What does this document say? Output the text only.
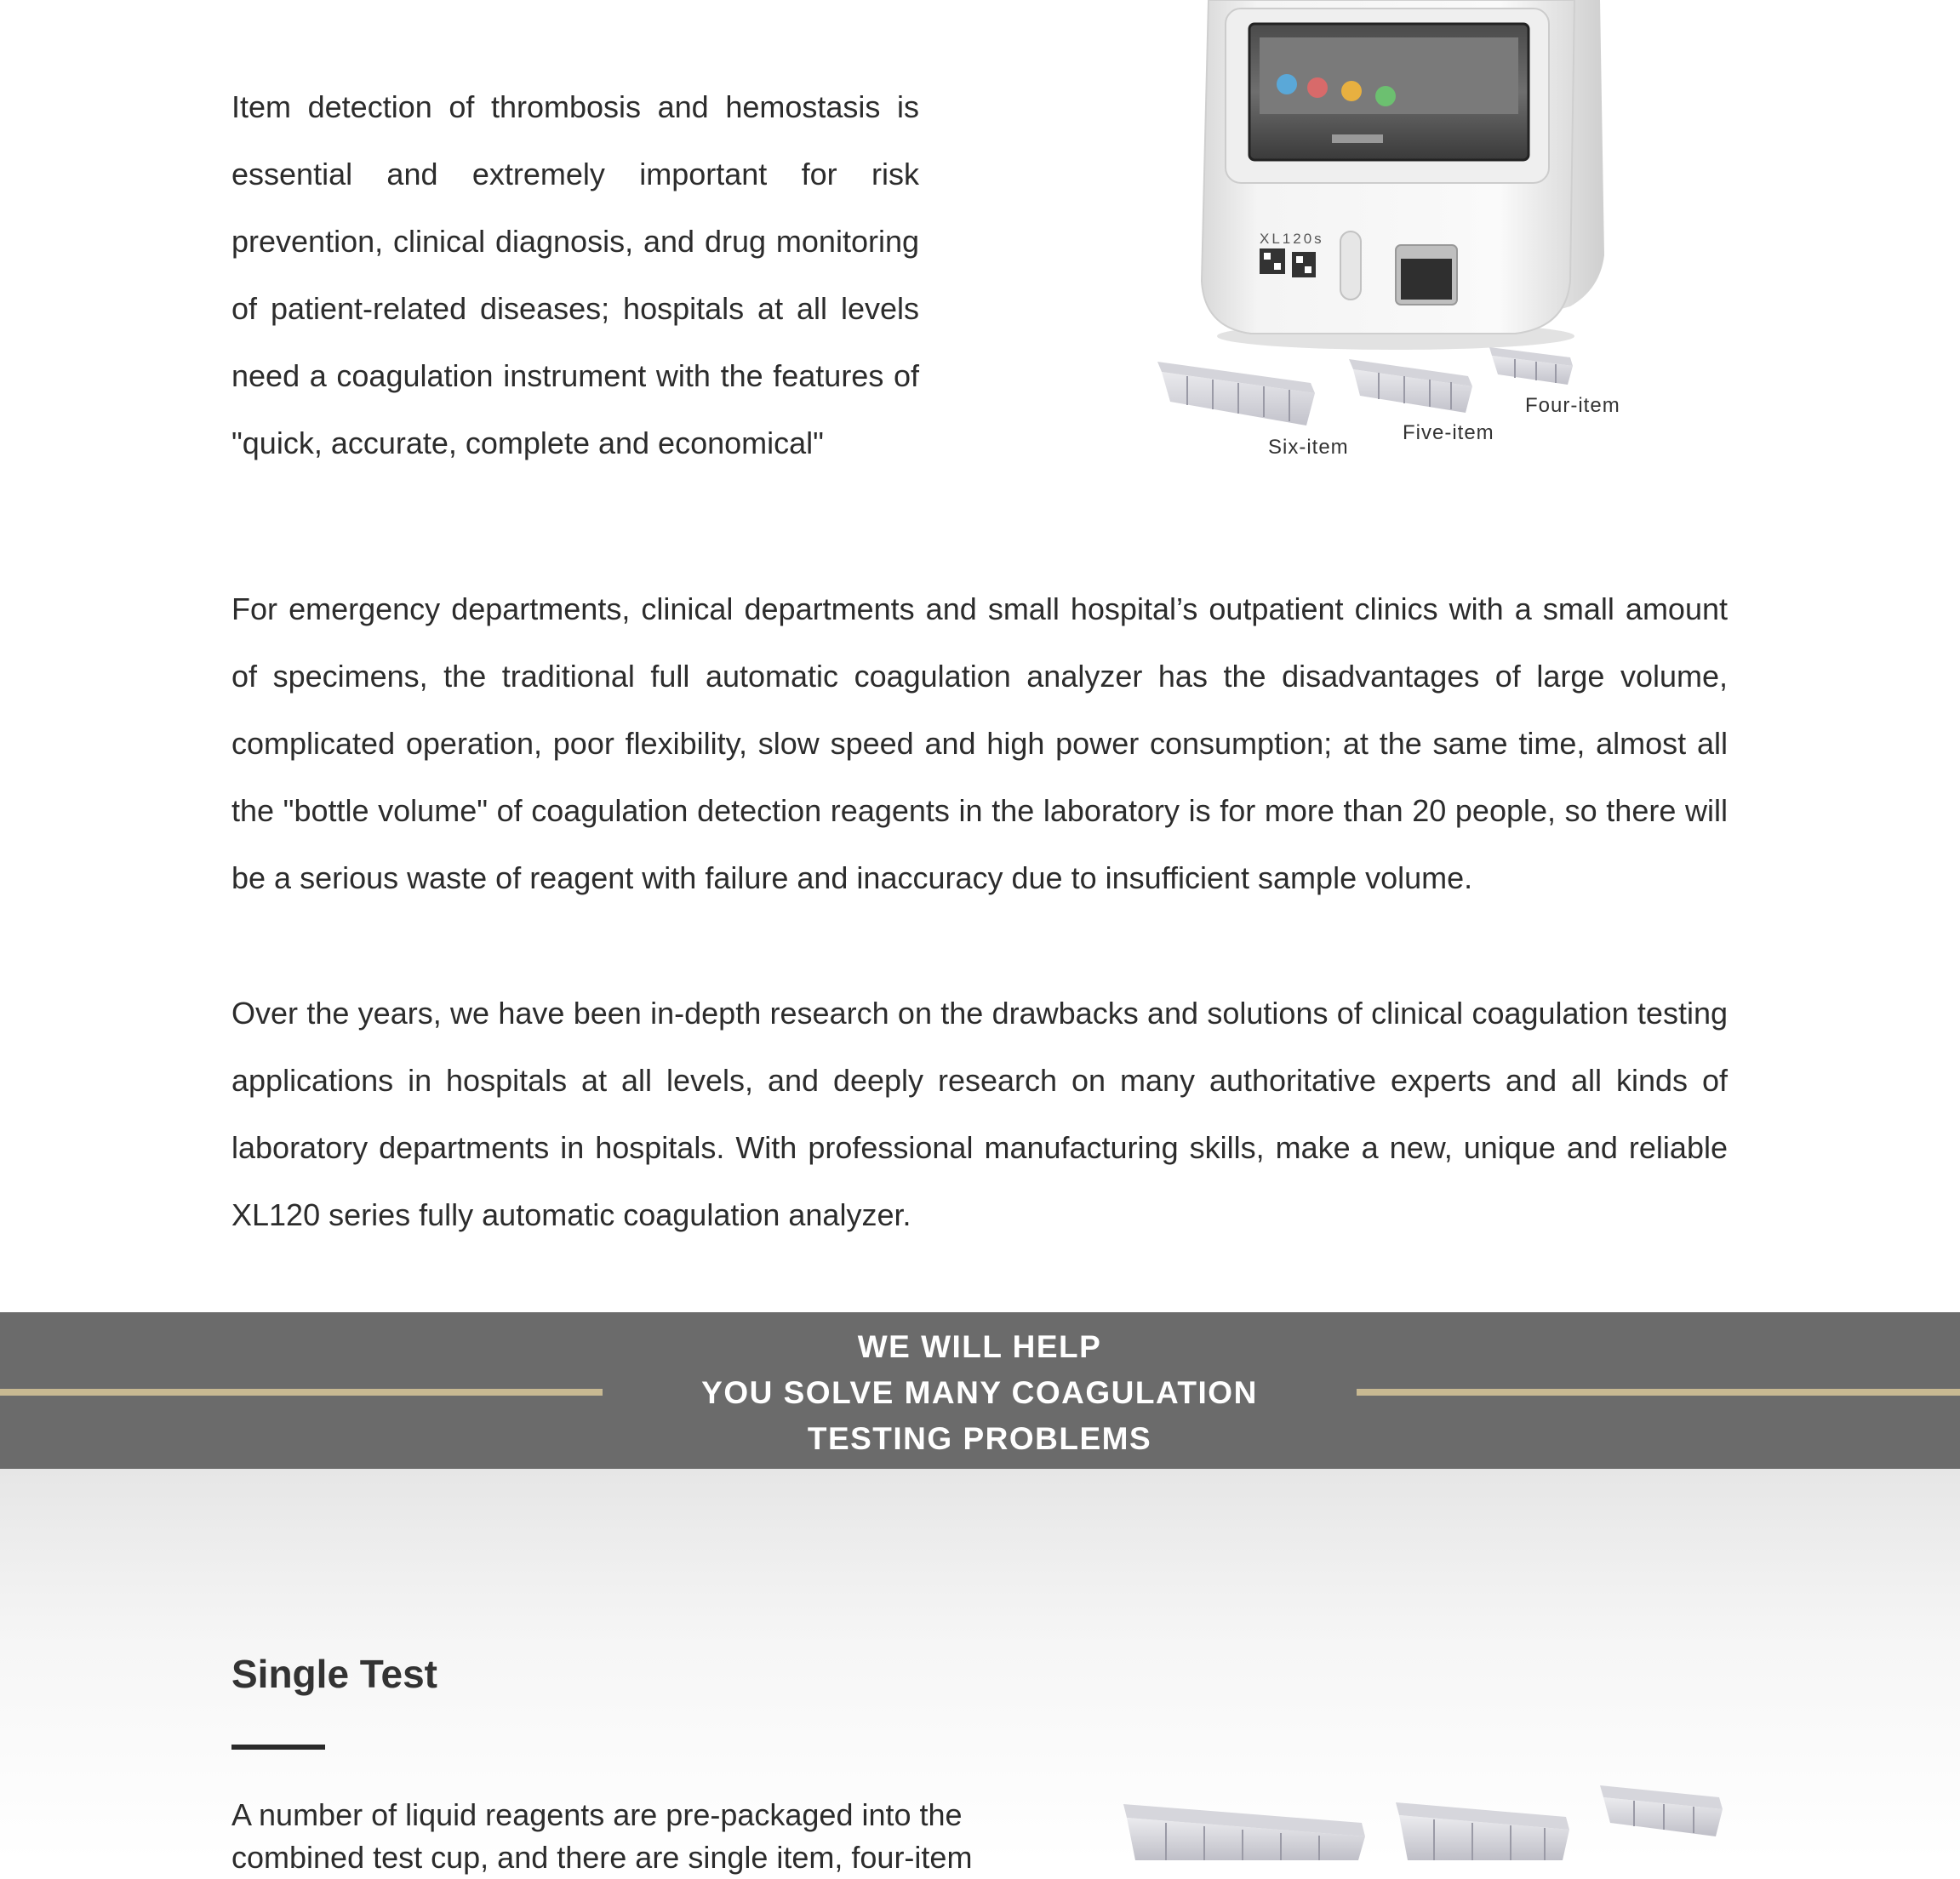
Item detection of thrombosis and hemostasis is essential and extremely important for risk prevention, clinical diagnosis, and drug monitoring of patient-related diseases; hospitals at all levels need a coagulation instrument with the features of "quick, accurate, complete and economical"

XL120s
Six-item
Five-item
Four-item

For emergency departments, clinical departments and small hospital’s outpatient clinics with a small amount of specimens, the traditional full automatic coagulation analyzer has the disadvantages of large volume, complicated operation, poor flexibility, slow speed and high power consumption; at the same time, almost all the "bottle volume" of coagulation detection reagents in the laboratory is for more than 20 people, so there will be a serious waste of reagent with failure and inaccuracy due to insufficient sample volume.

Over the years, we have been in-depth research on the drawbacks and solutions of clinical coagulation testing applications in hospitals at all levels, and deeply research on many authoritative experts and all kinds of laboratory departments in hospitals. With professional manufacturing skills, make a new, unique and reliable XL120 series fully automatic coagulation analyzer.

WE WILL HELP
YOU SOLVE MANY COAGULATION
TESTING PROBLEMS
Single Test

A number of liquid reagents are pre-packaged into the combined test cup, and there are single item, four-item
